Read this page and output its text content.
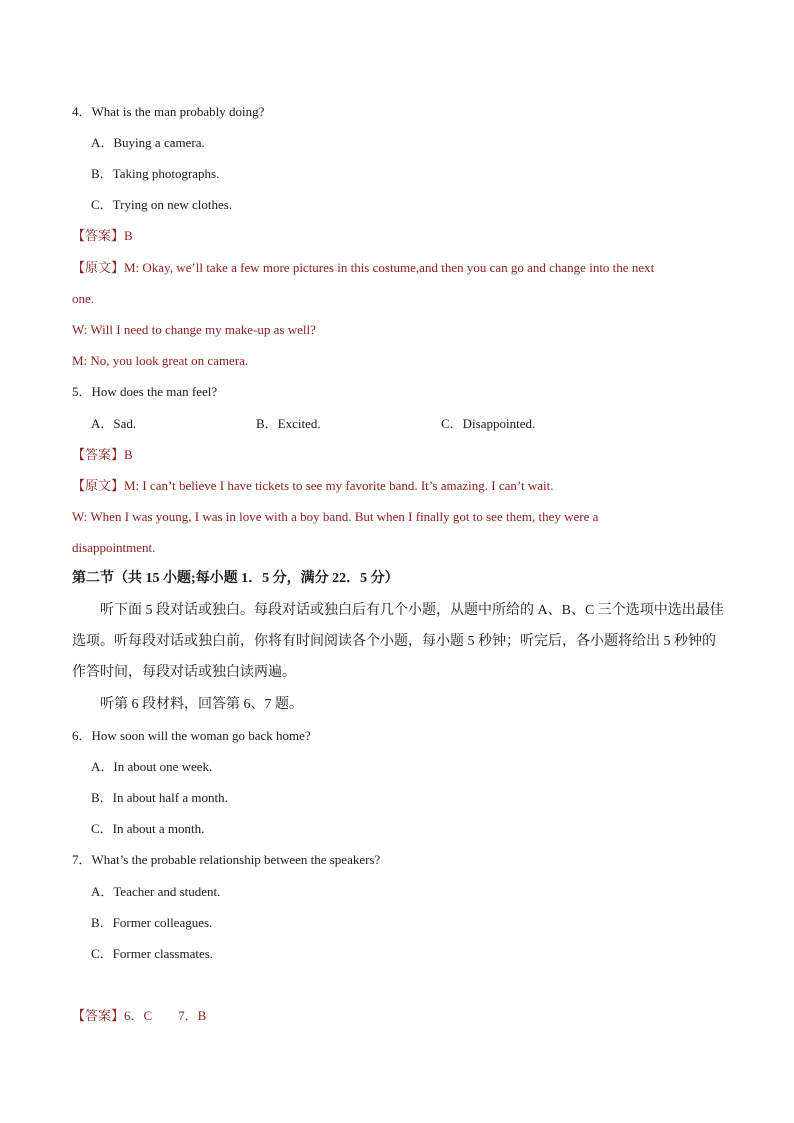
4．What is the man probably doing?
A．Buying a camera.
B．Taking photographs.
C．Trying on new clothes.
【答案】B
【原文】M: Okay, we’ll take a few more pictures in this costume,and then you can go and change into the next
one.
W: Will I need to change my make-up as well?
M: No, you look great on camera.
5．How does the man feel?
A．Sad.	B．Excited.	C．Disappointed.
【答案】B
【原文】M: I can’t believe I have tickets to see my favorite band. It’s amazing. I can’t wait.
W: When I was young, I was in love with a boy band. But when I finally got to see them, they were a
disappointment.
第二节（共 15 小题;每小题 1．5 分，满分 22．5 分）
听下面 5 段对话或独白。每段对话或独白后有几个小题，从题中所给的 A、B、C 三个选项中选出最佳
选项。听每段对话或独白前，你将有时间阅读各个小题，每小题 5 秒钟；听完后，各小题将给出 5 秒钟的
作答时间，每段对话或独白读两遍。
听第 6 段材料，回答第 6、7 题。
6．How soon will the woman go back home?
A．In about one week.
B．In about half a month.
C．In about a month.
7．What’s the probable relationship between the speakers?
A．Teacher and student.
B．Former colleagues.
C．Former classmates.
【答案】6．C        7．B
